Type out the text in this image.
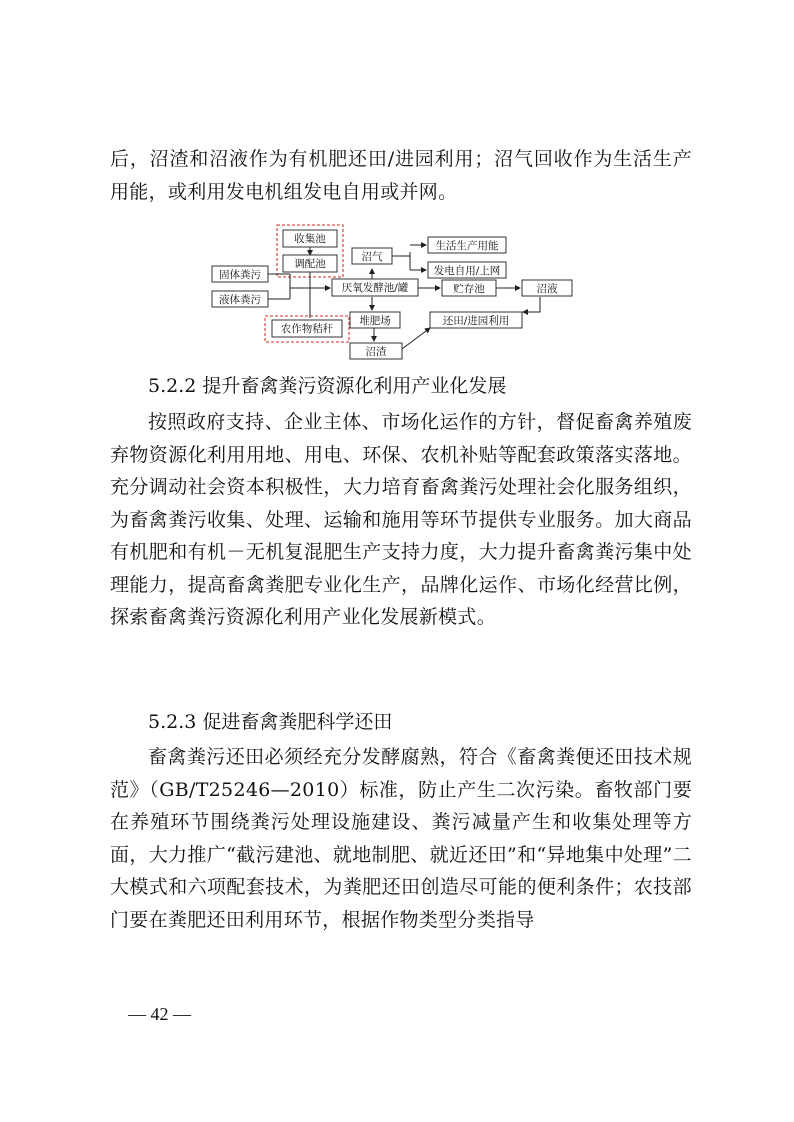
后，沼渣和沼液作为有机肥还田/进园利用；沼气回收作为生活生产用能，或利用发电机组发电自用或并网。

收集池
调配池
固体粪污
液体粪污
农作物秸秆
沼气
生活生产用能
发电自用/上网
厌氧发酵池/罐	贮存池	沼液
堆肥场	还田/进园利用
沼渣

5.2.2 提升畜禽粪污资源化利用产业化发展

按照政府支持、企业主体、市场化运作的方针，督促畜禽养殖废弃物资源化利用用地、用电、环保、农机补贴等配套政策落实落地。充分调动社会资本积极性，大力培育畜禽粪污处理社会化服务组织，为畜禽粪污收集、处理、运输和施用等环节提供专业服务。加大商品有机肥和有机－无机复混肥生产支持力度，大力提升畜禽粪污集中处理能力，提高畜禽粪肥专业化生产，品牌化运作、市场化经营比例，探索畜禽粪污资源化利用产业化发展新模式。

5.2.3 促进畜禽粪肥科学还田

畜禽粪污还田必须经充分发酵腐熟，符合《畜禽粪便还田技术规范》（GB/T25246—2010）标准，防止产生二次污染。畜牧部门要在养殖环节围绕粪污处理设施建设、粪污减量产生和收集处理等方面，大力推广“截污建池、就地制肥、就近还田”和“异地集中处理”二大模式和六项配套技术，为粪肥还田创造尽可能的便利条件；农技部门要在粪肥还田利用环节，根据作物类型分类指导

— 42 —
